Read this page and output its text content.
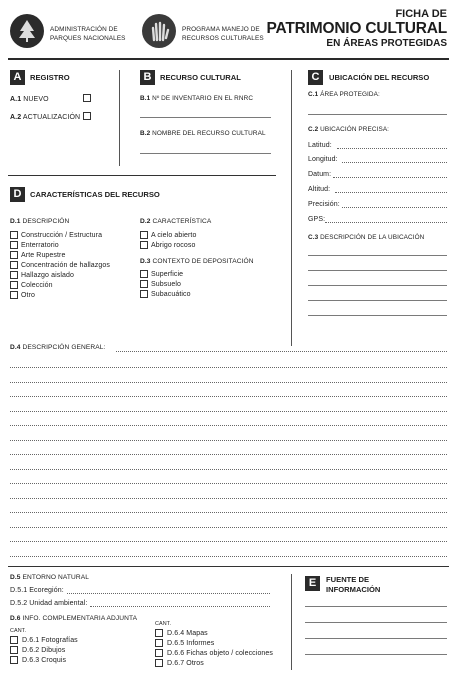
ADMINISTRACIÓN DE
PARQUES NACIONALES
PROGRAMA MANEJO DE
RECURSOS CULTURALES
FICHA DE
PATRIMONIO CULTURAL
EN ÁREAS PROTEGIDAS
A	REGISTRO
A.1 NUEVO
A.2 ACTUALIZACIÓN
B	RECURSO CULTURAL
B.1 Nº DE INVENTARIO EN EL RNRC
B.2 NOMBRE DEL RECURSO CULTURAL
C	UBICACIÓN DEL RECURSO
C.1 ÁREA PROTEGIDA:
C.2 UBICACIÓN PRECISA:
Latitud:
Longitud:
Datum:
Altitud:
Precisión:
GPS:
C.3 DESCRIPCIÓN DE LA UBICACIÓN
D	CARACTERÍSTICAS DEL RECURSO
D.1 DESCRIPCIÓN
Construcción / Estructura
Enterratorio
Arte Rupestre
Concentración de hallazgos
Hallazgo aislado
Colección
Otro
D.2 CARACTERÍSTICA
A cielo abierto
Abrigo rocoso
D.3 CONTEXTO DE DEPOSITACIÓN
Superficie
Subsuelo
Subacuático
D.4 DESCRIPCIÓN GENERAL:
D.5 ENTORNO NATURAL
D.5.1 Ecoregión:
D.5.2 Unidad ambiental:
D.6 INFO. COMPLEMENTARIA ADJUNTA
CANT.
D.6.1 Fotografías
D.6.2 Dibujos
D.6.3 Croquis
CANT.
D.6.4 Mapas
D.6.5 Informes
D.6.6 Fichas objeto / colecciones
D.6.7 Otros
E	FUENTE DE
INFORMACIÓN
